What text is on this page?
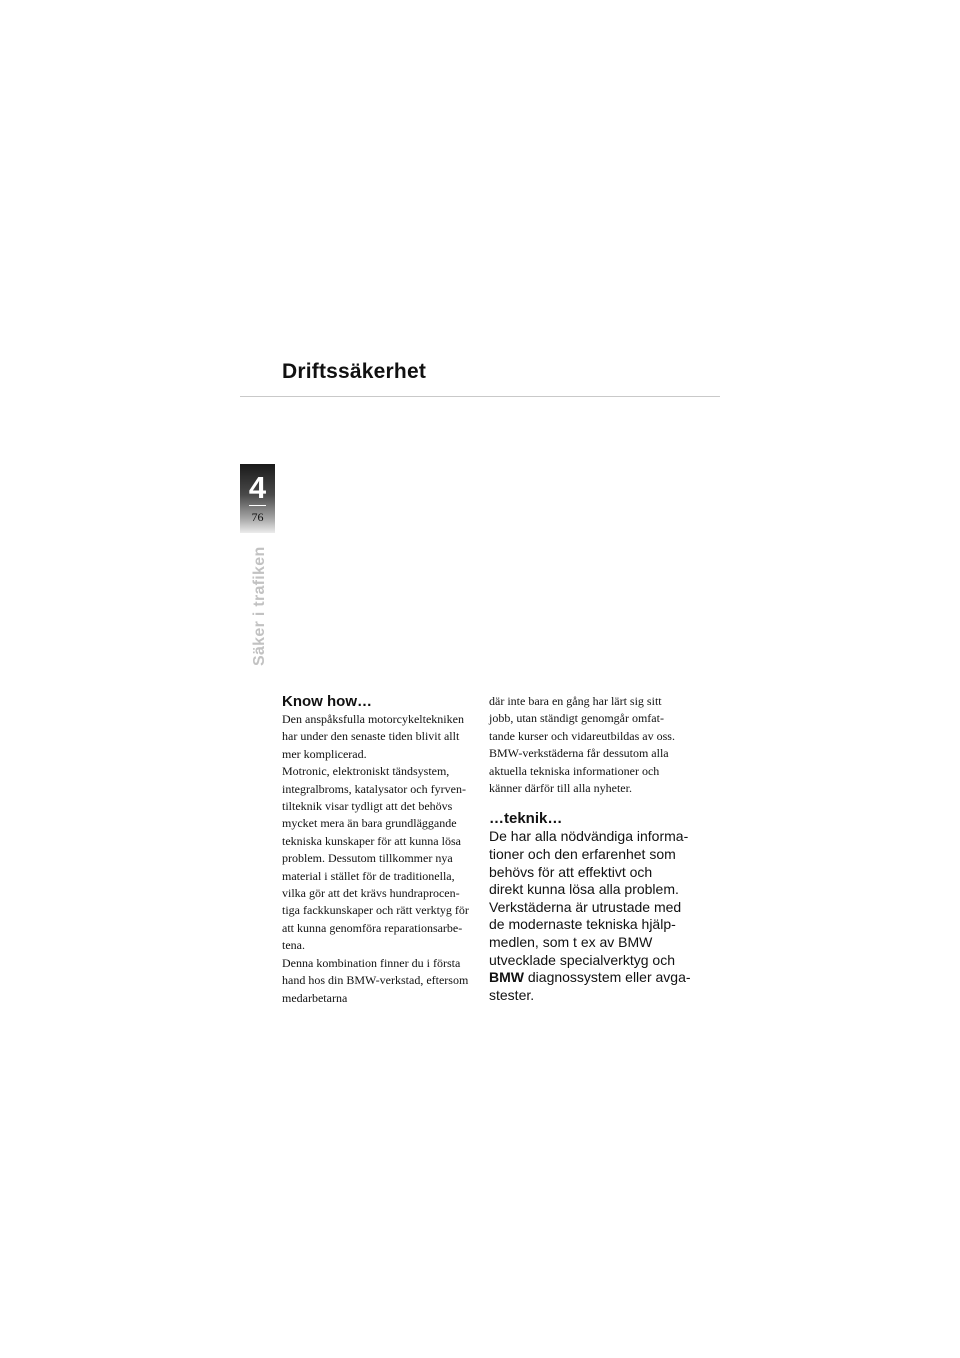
Driftssäkerhet
4
76
Säker i trafiken
Know how…
Den anspåksfulla motorcykeltekniken
har under den senaste tiden blivit allt
mer komplicerad.
Motronic, elektroniskt tändsystem,
integralbroms, katalysator och fyrven-
tilteknik visar tydligt att det behövs
mycket mera än bara grundläggande
tekniska kunskaper för att kunna lösa
problem. Dessutom tillkommer nya
material i stället för de traditionella,
vilka gör att det krävs hundraprocen-
tiga fackkunskaper och rätt verktyg för
att kunna genomföra reparationsarbe-
tena.
Denna kombination finner du i första
hand hos din BMW-verkstad, eftersom
medarbetarna
där inte bara en gång har lärt sig sitt
jobb, utan ständigt genomgår omfat-
tande kurser och vidareutbildas av oss.
BMW-verkstäderna får dessutom alla
aktuella tekniska informationer och
känner därför till alla nyheter.
…teknik…
De har alla nödvändiga informa-
tioner och den erfarenhet som
behövs för att effektivt och
direkt kunna lösa alla problem.
Verkstäderna är utrustade med
de modernaste tekniska hjälp-
medlen, som t ex av BMW
utvecklade specialverktyg och
BMW diagnossystem eller avga-
stester.
